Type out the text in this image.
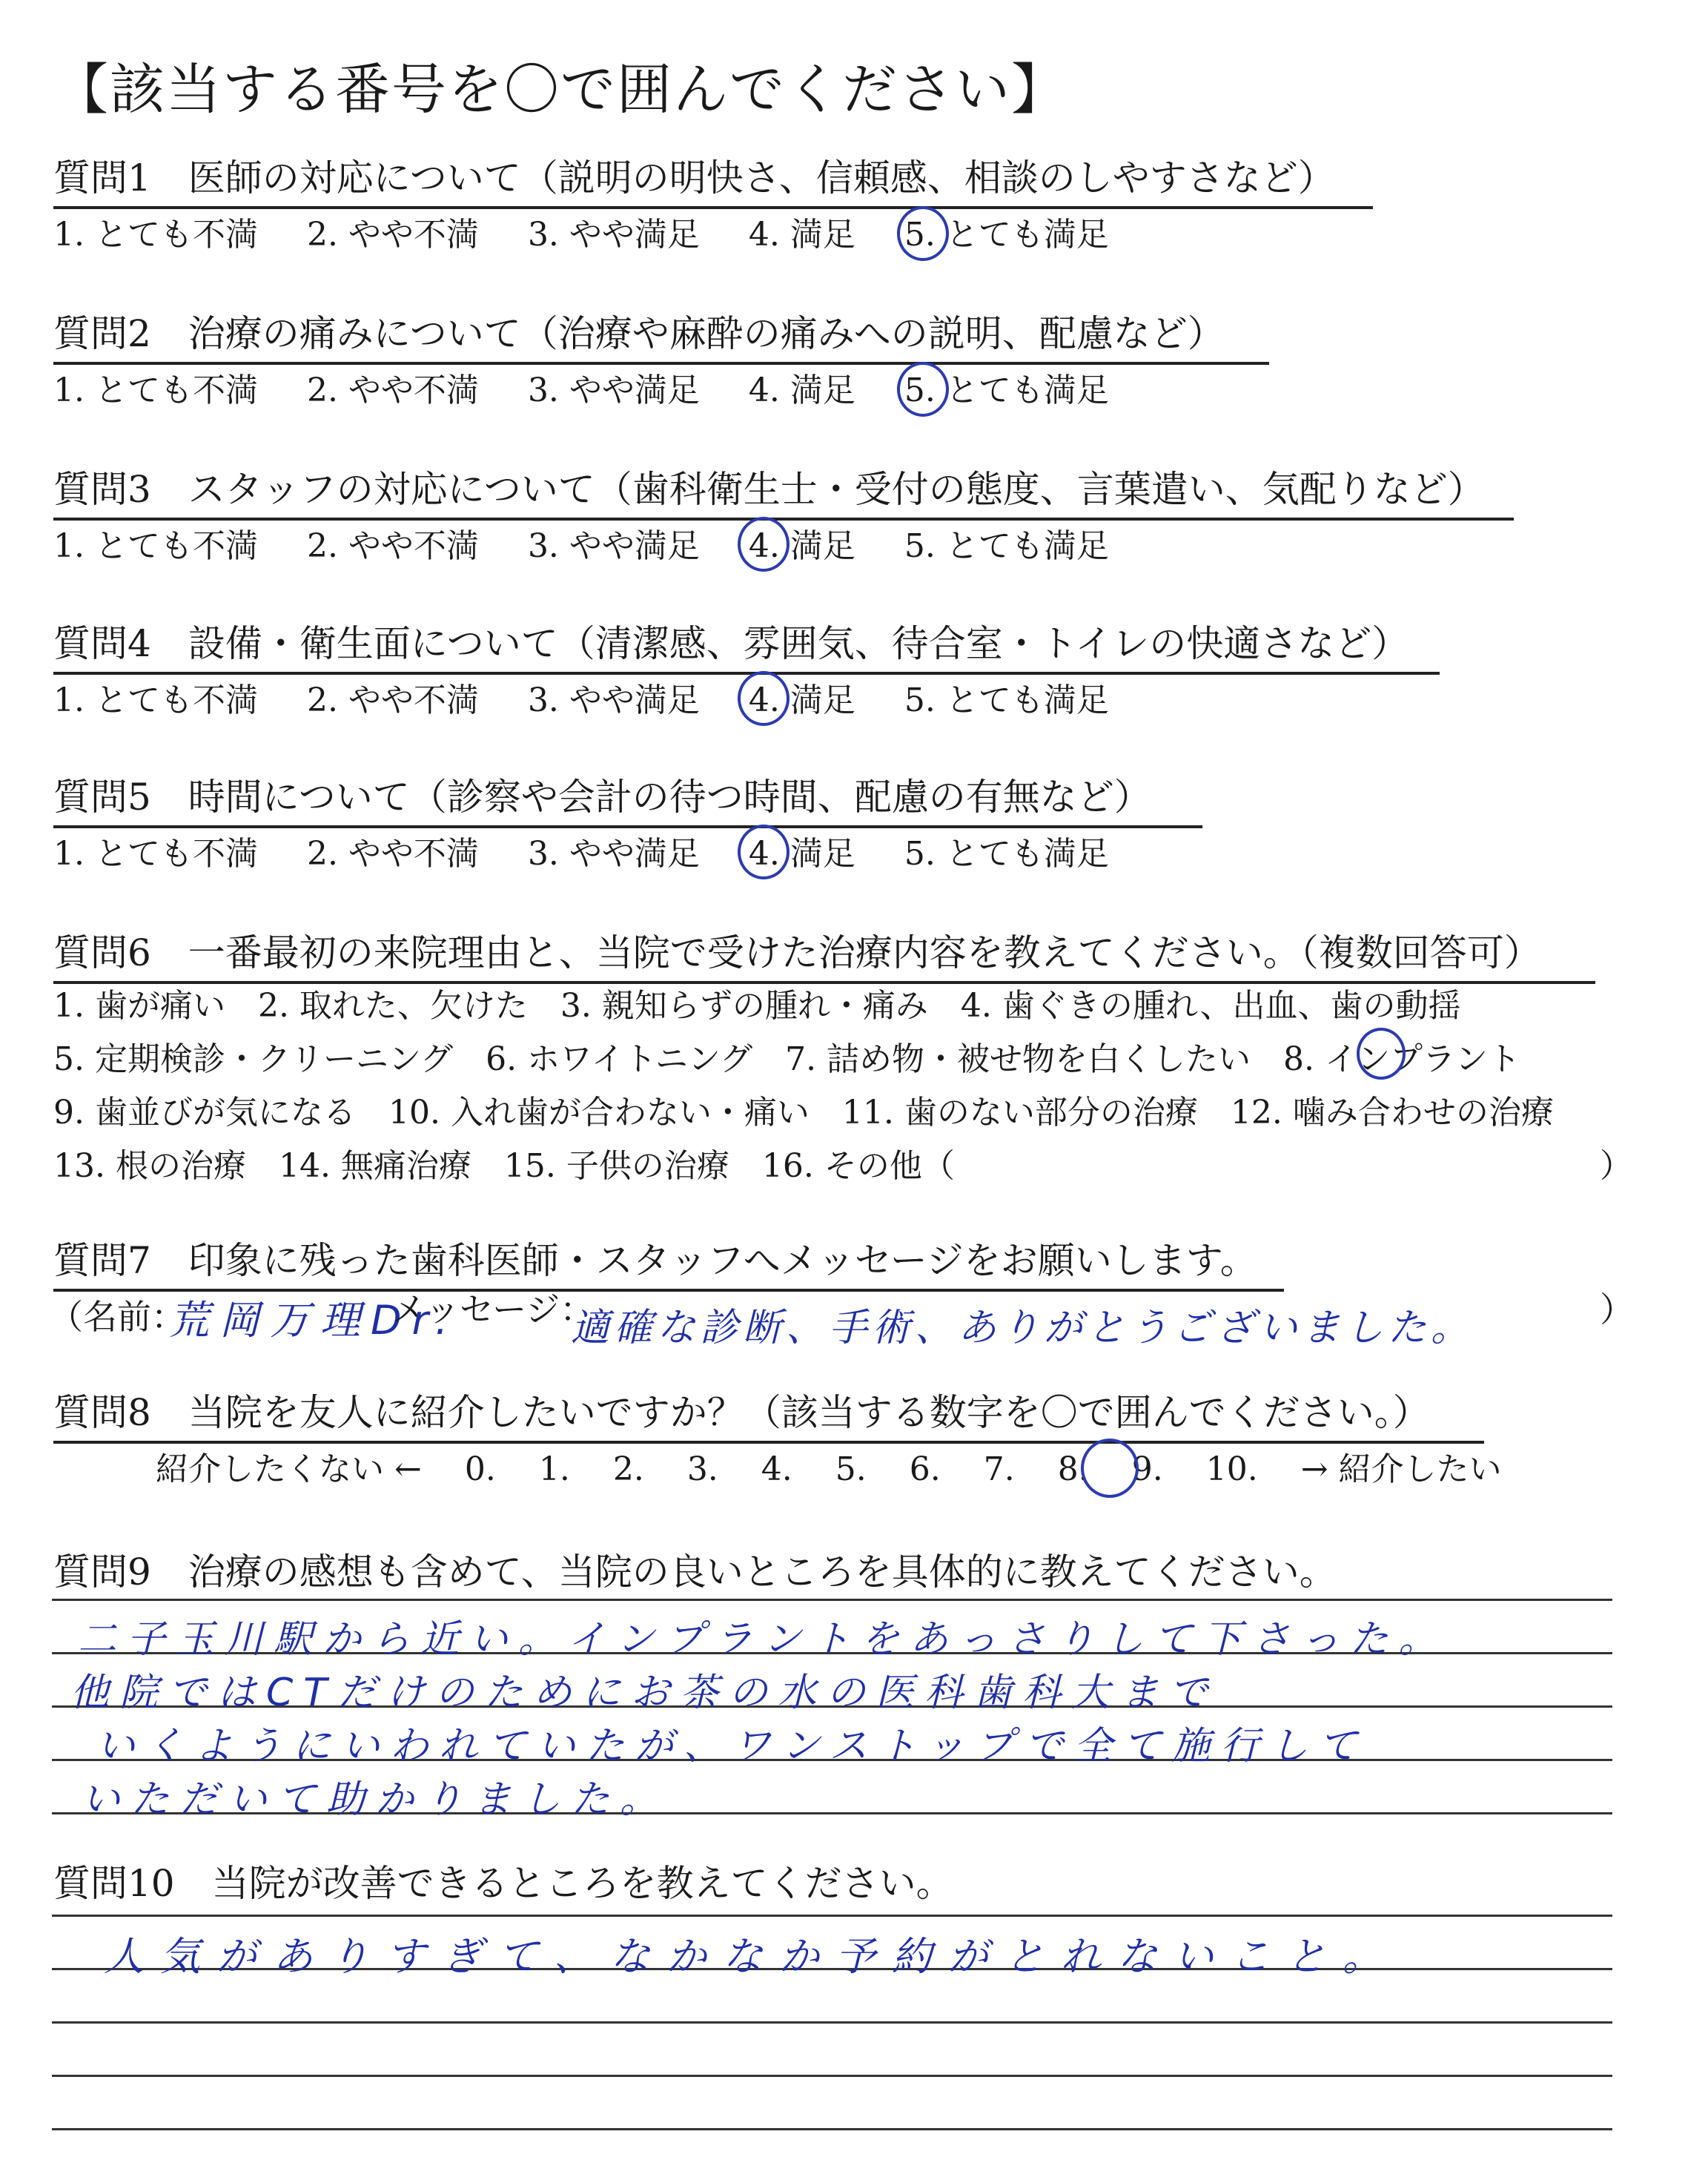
【該当する番号を〇で囲んでください】
質問1　医師の対応について（説明の明快さ、信頼感、相談のしやすさなど）
1. とても不満 2. やや不満 3. やや満足 4. 満足 5. とても満足
質問2　治療の痛みについて（治療や麻酔の痛みへの説明、配慮など）
1. とても不満 2. やや不満 3. やや満足 4. 満足 5. とても満足
質問3　スタッフの対応について（歯科衛生士・受付の態度、言葉遣い、気配りなど）
1. とても不満 2. やや不満 3. やや満足 4. 満足 5. とても満足
質問4　設備・衛生面について（清潔感、雰囲気、待合室・トイレの快適さなど）
1. とても不満 2. やや不満 3. やや満足 4. 満足 5. とても満足
質問5　時間について（診察や会計の待つ時間、配慮の有無など）
1. とても不満 2. やや不満 3. やや満足 4. 満足 5. とても満足
質問6　一番最初の来院理由と、当院で受けた治療内容を教えてください。（複数回答可）
1. 歯が痛い　2. 取れた、欠けた　3. 親知らずの腫れ・痛み　4. 歯ぐきの腫れ、出血、歯の動揺
5. 定期検診・クリーニング　6. ホワイトニング　7. 詰め物・被せ物を白くしたい　8. インプラント
9. 歯並びが気になる　10. 入れ歯が合わない・痛い　11. 歯のない部分の治療　12. 噛み合わせの治療
13. 根の治療　14. 無痛治療　15. 子供の治療　16. その他（	）
質問7　印象に残った歯科医師・スタッフへメッセージをお願いします。
（名前：
荒岡万理Dr.
メッセージ：
適確な診断、手術、ありがとうございました。	）
質問8　当院を友人に紹介したいですか？（該当する数字を〇で囲んでください。）
紹介したくない ← 0. 1. 2. 3. 4. 5. 6. 7. 8. 9. 10. → 紹介したい
質問9　治療の感想も含めて、当院の良いところを具体的に教えてください。
二子玉川駅から近い。インプラントをあっさりして下さった。
他院ではCTだけのためにお茶の水の医科歯科大まで
いくようにいわれていたが、ワンストップで全て施行して
いただいて助かりました。
質問10　当院が改善できるところを教えてください。
人気がありすぎて、なかなか予約がとれないこと。
